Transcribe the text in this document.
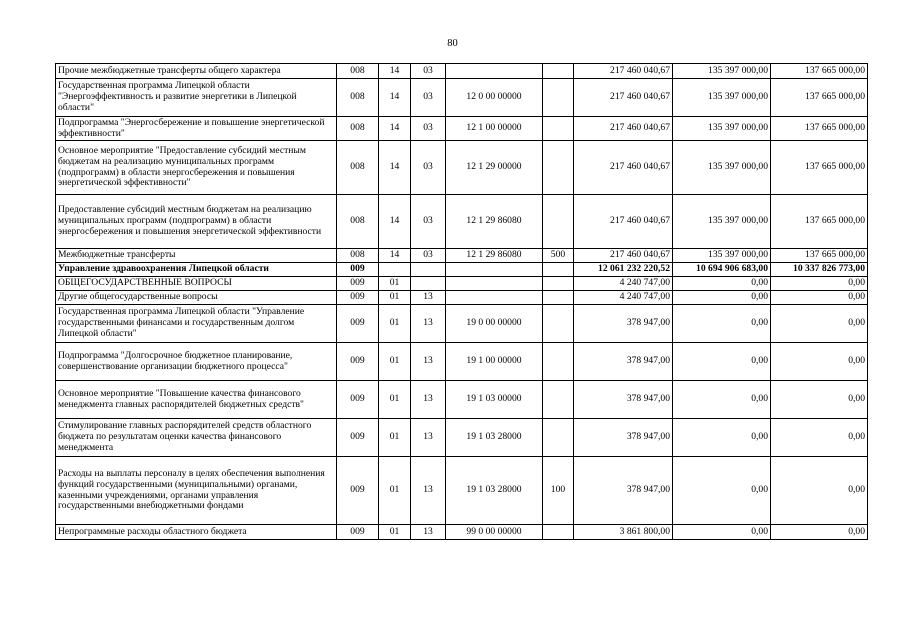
80
Прочие межбюджетные трансферты общего характера	008	14	03			217 460 040,67	135 397 000,00	137 665 000,00
Государственная программа Липецкой области "Энергоэффективность и развитие энергетики в Липецкой области"	008	14	03	12 0 00 00000		217 460 040,67	135 397 000,00	137 665 000,00
Подпрограмма "Энергосбережение и повышение энергетической эффективности"	008	14	03	12 1 00 00000		217 460 040,67	135 397 000,00	137 665 000,00
Основное мероприятие "Предоставление субсидий местным бюджетам на реализацию муниципальных программ (подпрограмм) в области энергосбережения и повышения энергетической эффективности"	008	14	03	12 1 29 00000		217 460 040,67	135 397 000,00	137 665 000,00
Предоставление субсидий местным бюджетам на реализацию муниципальных программ (подпрограмм) в области энергосбережения и повышения энергетической эффективности	008	14	03	12 1 29 86080		217 460 040,67	135 397 000,00	137 665 000,00
Межбюджетные трансферты	008	14	03	12 1 29 86080	500	217 460 040,67	135 397 000,00	137 665 000,00
Управление здравоохранения Липецкой области	009					12 061 232 220,52	10 694 906 683,00	10 337 826 773,00
ОБЩЕГОСУДАРСТВЕННЫЕ ВОПРОСЫ	009	01				4 240 747,00	0,00	0,00
Другие общегосударственные вопросы	009	01	13			4 240 747,00	0,00	0,00
Государственная программа Липецкой области "Управление государственными финансами и государственным долгом Липецкой области"	009	01	13	19 0 00 00000		378 947,00	0,00	0,00
Подпрограмма "Долгосрочное бюджетное планирование, совершенствование организации бюджетного процесса"	009	01	13	19 1 00 00000		378 947,00	0,00	0,00
Основное мероприятие "Повышение качества финансового менеджмента главных распорядителей бюджетных средств"	009	01	13	19 1 03 00000		378 947,00	0,00	0,00
Стимулирование главных распорядителей средств областного бюджета по результатам оценки качества финансового менеджмента	009	01	13	19 1 03 28000		378 947,00	0,00	0,00
Расходы на выплаты персоналу в целях обеспечения выполнения функций государственными (муниципальными) органами, казенными учреждениями, органами управления государственными внебюджетными фондами	009	01	13	19 1 03 28000	100	378 947,00	0,00	0,00
Непрограммные расходы областного бюджета	009	01	13	99 0 00 00000		3 861 800,00	0,00	0,00
